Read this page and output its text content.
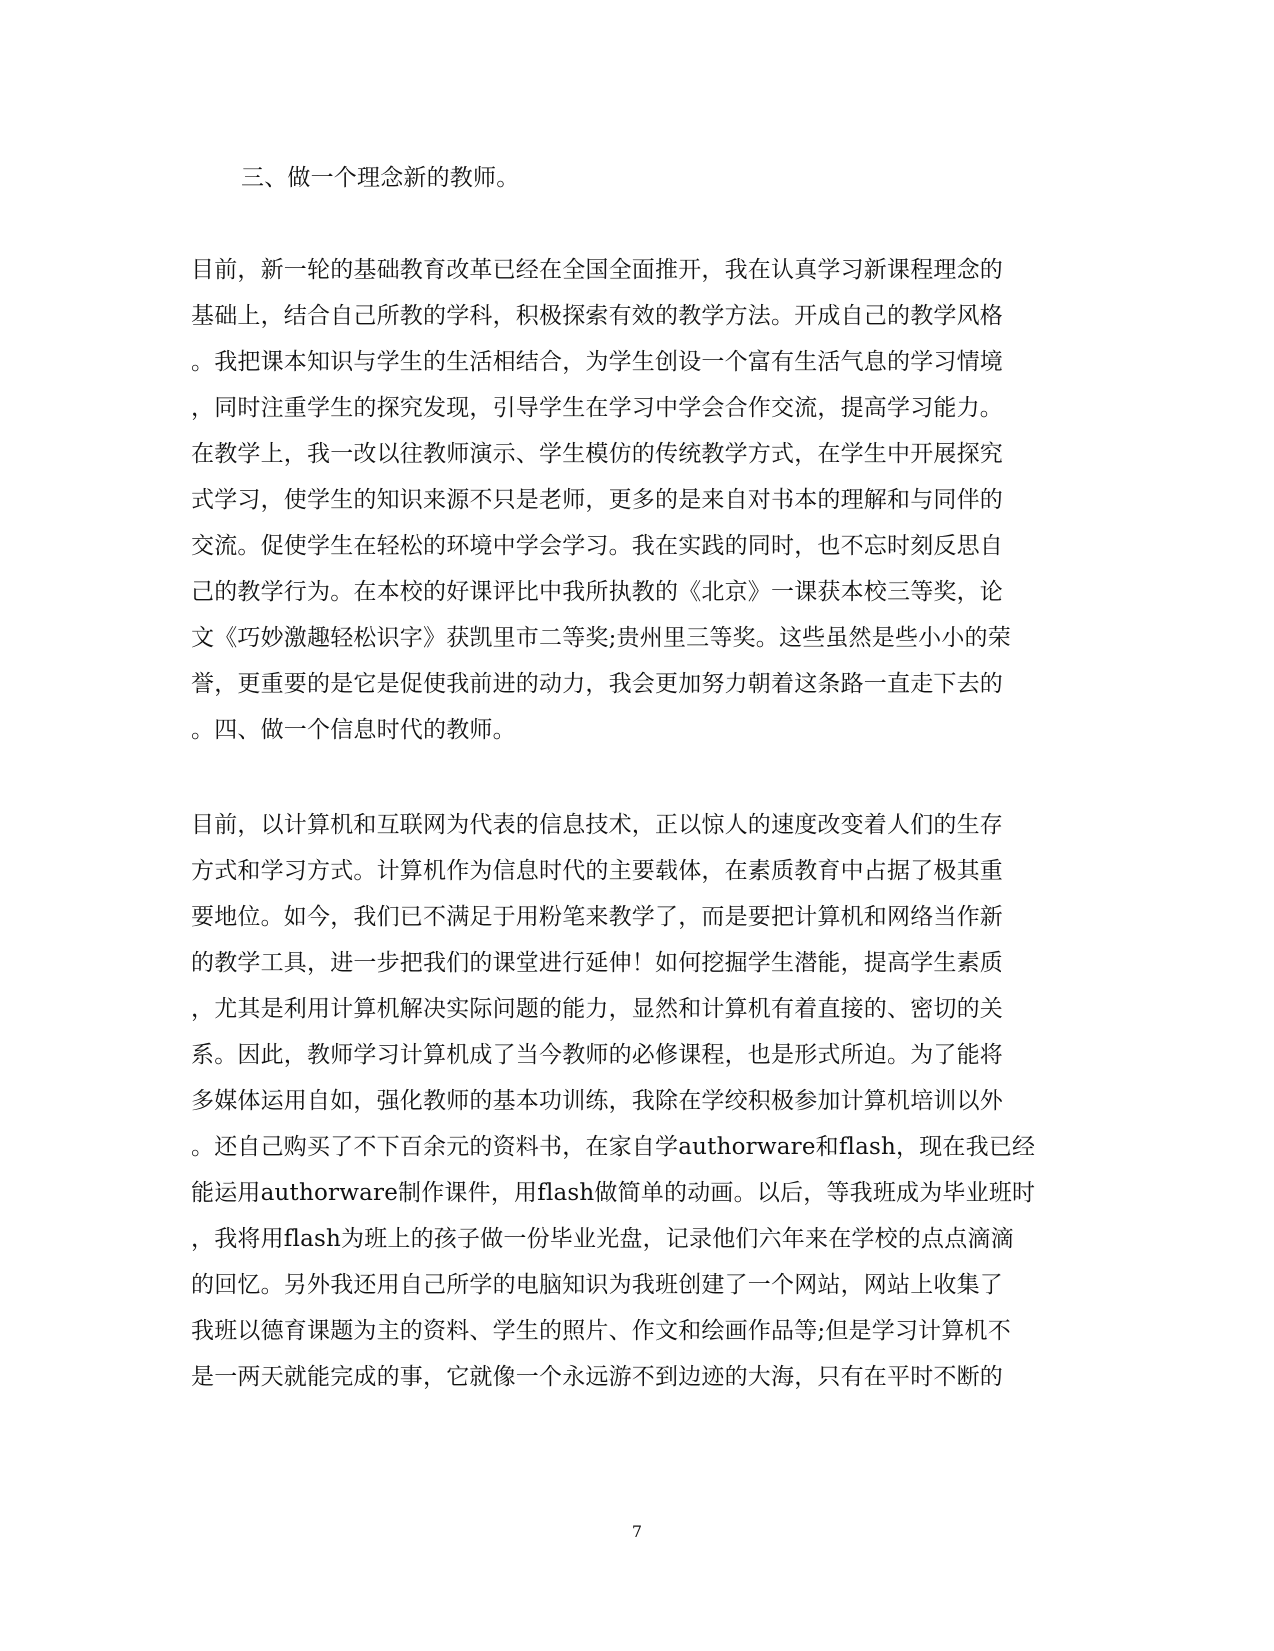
三、做一个理念新的教师。
目前，新一轮的基础教育改革已经在全国全面推开，我在认真学习新课程理念的
基础上，结合自己所教的学科，积极探索有效的教学方法。开成自己的教学风格
。我把课本知识与学生的生活相结合，为学生创设一个富有生活气息的学习情境
，同时注重学生的探究发现，引导学生在学习中学会合作交流，提高学习能力。
在教学上，我一改以往教师演示、学生模仿的传统教学方式，在学生中开展探究
式学习，使学生的知识来源不只是老师，更多的是来自对书本的理解和与同伴的
交流。促使学生在轻松的环境中学会学习。我在实践的同时，也不忘时刻反思自
己的教学行为。在本校的好课评比中我所执教的《北京》一课获本校三等奖，论
文《巧妙激趣轻松识字》获凯里市二等奖;贵州里三等奖。这些虽然是些小小的荣
誉，更重要的是它是促使我前进的动力，我会更加努力朝着这条路一直走下去的
。四、做一个信息时代的教师。
目前，以计算机和互联网为代表的信息技术，正以惊人的速度改变着人们的生存
方式和学习方式。计算机作为信息时代的主要载体，在素质教育中占据了极其重
要地位。如今，我们已不满足于用粉笔来教学了，而是要把计算机和网络当作新
的教学工具，进一步把我们的课堂进行延伸！如何挖掘学生潜能，提高学生素质
，尤其是利用计算机解决实际问题的能力，显然和计算机有着直接的、密切的关
系。因此，教师学习计算机成了当今教师的必修课程，也是形式所迫。为了能将
多媒体运用自如，强化教师的基本功训练，我除在学绞积极参加计算机培训以外
。还自己购买了不下百余元的资料书，在家自学authorware和flash，现在我已经
能运用authorware制作课件，用flash做简单的动画。以后，等我班成为毕业班时
，我将用flash为班上的孩子做一份毕业光盘，记录他们六年来在学校的点点滴滴
的回忆。另外我还用自己所学的电脑知识为我班创建了一个网站，网站上收集了
我班以德育课题为主的资料、学生的照片、作文和绘画作品等;但是学习计算机不
是一两天就能完成的事，它就像一个永远游不到边迹的大海，只有在平时不断的
7
